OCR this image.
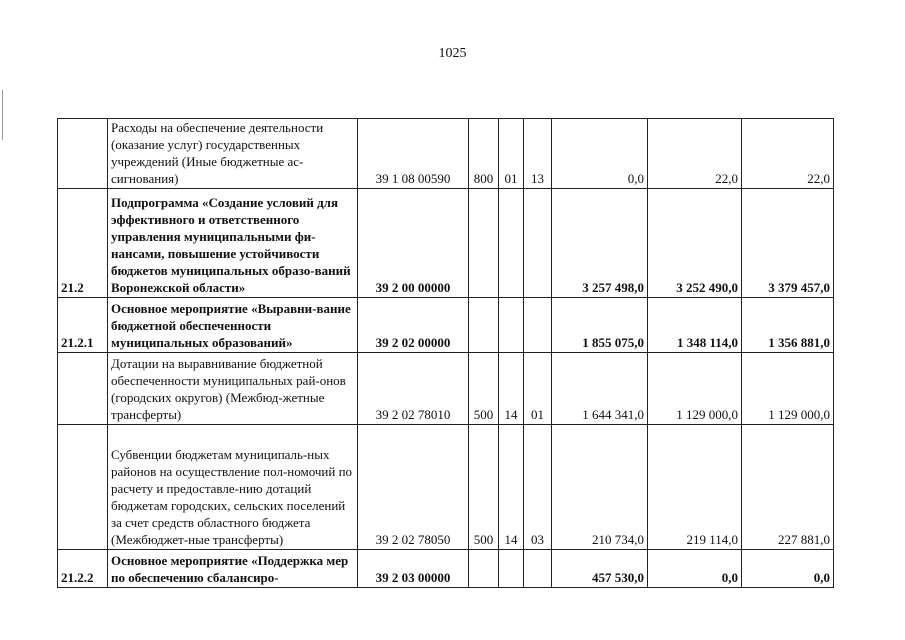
1025
	Расходы на обеспечение деятельности (оказание услуг) государственных учреждений (Иные бюджетные ас-сигнования)	39 1 08 00590	800	01	13	0,0	22,0	22,0
21.2	Подпрограмма «Создание условий для эффективного и ответственного управления муниципальными фи-нансами, повышение устойчивости бюджетов муниципальных образо-ваний Воронежской области»	39 2 00 00000				3 257 498,0	3 252 490,0	3 379 457,0
21.2.1	Основное мероприятие «Выравни-вание бюджетной обеспеченности муниципальных образований»	39 2 02 00000				1 855 075,0	1 348 114,0	1 356 881,0
	Дотации на выравнивание бюджетной обеспеченности муниципальных рай-онов (городских округов) (Межбюд-жетные трансферты)	39 2 02 78010	500	14	01	1 644 341,0	1 129 000,0	1 129 000,0
	Субвенции бюджетам муниципаль-ных районов на осуществление пол-номочий по расчету и предоставле-нию дотаций бюджетам городских, сельских поселений за счет средств областного бюджета (Межбюджет-ные трансферты)	39 2 02 78050	500	14	03	210 734,0	219 114,0	227 881,0
21.2.2	Основное мероприятие «Поддержка мер по обеспечению сбалансиро-	39 2 03 00000				457 530,0	0,0	0,0
